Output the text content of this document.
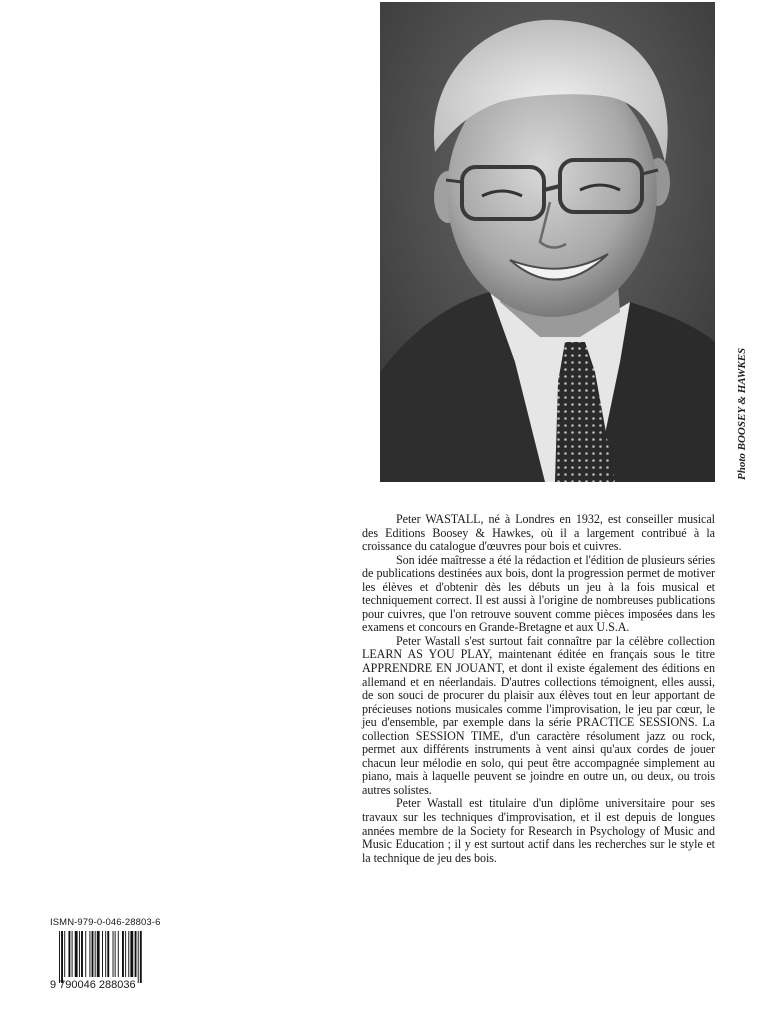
Photo BOOSEY & HAWKES

Peter WASTALL, né à Londres en 1932, est conseiller musical des Editions Boosey & Hawkes, où il a largement contribué à la croissance du catalogue d'œuvres pour bois et cuivres.

Son idée maîtresse a été la rédaction et l'édition de plusieurs séries de publications destinées aux bois, dont la progression permet de motiver les élèves et d'obtenir dès les débuts un jeu à la fois musical et techniquement correct. Il est aussi à l'origine de nombreuses publications pour cuivres, que l'on retrouve souvent comme pièces imposées dans les examens et concours en Grande-Bretagne et aux U.S.A.

Peter Wastall s'est surtout fait connaître par la célèbre collection LEARN AS YOU PLAY, maintenant éditée en français sous le titre APPRENDRE EN JOUANT, et dont il existe également des éditions en allemand et en néerlandais. D'autres collections témoignent, elles aussi, de son souci de procurer du plaisir aux élèves tout en leur apportant de précieuses notions musicales comme l'improvisation, le jeu par cœur, le jeu d'ensemble, par exemple dans la série PRACTICE SESSIONS. La collection SESSION TIME, d'un caractère résolument jazz ou rock, permet aux différents instruments à vent ainsi qu'aux cordes de jouer chacun leur mélodie en solo, qui peut être accompagnée simplement au piano, mais à laquelle peuvent se joindre en outre un, ou deux, ou trois autres solistes.

Peter Wastall est titulaire d'un diplôme universitaire pour ses travaux sur les techniques d'improvisation, et il est depuis de longues années membre de la Society for Research in Psychology of Music and Music Education ; il y est surtout actif dans les recherches sur le style et la technique de jeu des bois.

ISMN-979-0-046-28803-6
9 790046 288036
